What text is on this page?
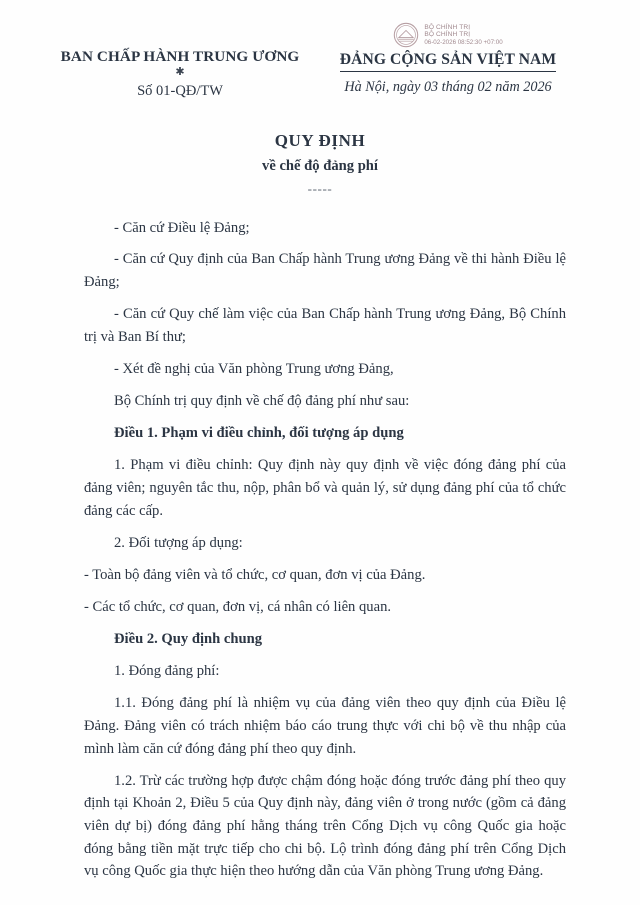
BAN CHẤP HÀNH TRUNG ƯƠNG
✱
Số 01-QĐ/TW
BỘ CHÍNH TRỊ
BỘ CHÍNH TRỊ
06-02-2026 08:52:30 +07:00
ĐẢNG CỘNG SẢN VIỆT NAM
Hà Nội, ngày 03 tháng 02 năm 2026
QUY ĐỊNH
về chế độ đảng phí
-----

- Căn cứ Điều lệ Đảng;

- Căn cứ Quy định của Ban Chấp hành Trung ương Đảng về thi hành Điều lệ Đảng;

- Căn cứ Quy chế làm việc của Ban Chấp hành Trung ương Đảng, Bộ Chính trị và Ban Bí thư;

- Xét đề nghị của Văn phòng Trung ương Đảng,

Bộ Chính trị quy định về chế độ đảng phí như sau:

Điều 1. Phạm vi điều chỉnh, đối tượng áp dụng

1. Phạm vi điều chỉnh: Quy định này quy định về việc đóng đảng phí của đảng viên; nguyên tắc thu, nộp, phân bổ và quản lý, sử dụng đảng phí của tổ chức đảng các cấp.

2. Đối tượng áp dụng:

- Toàn bộ đảng viên và tổ chức, cơ quan, đơn vị của Đảng.

- Các tổ chức, cơ quan, đơn vị, cá nhân có liên quan.

Điều 2. Quy định chung

1. Đóng đảng phí:

1.1. Đóng đảng phí là nhiệm vụ của đảng viên theo quy định của Điều lệ Đảng. Đảng viên có trách nhiệm báo cáo trung thực với chi bộ về thu nhập của mình làm căn cứ đóng đảng phí theo quy định.

1.2. Trừ các trường hợp được chậm đóng hoặc đóng trước đảng phí theo quy định tại Khoản 2, Điều 5 của Quy định này, đảng viên ở trong nước (gồm cả đảng viên dự bị) đóng đảng phí hằng tháng trên Cổng Dịch vụ công Quốc gia hoặc đóng bằng tiền mặt trực tiếp cho chi bộ. Lộ trình đóng đảng phí trên Cổng Dịch vụ công Quốc gia thực hiện theo hướng dẫn của Văn phòng Trung ương Đảng.
